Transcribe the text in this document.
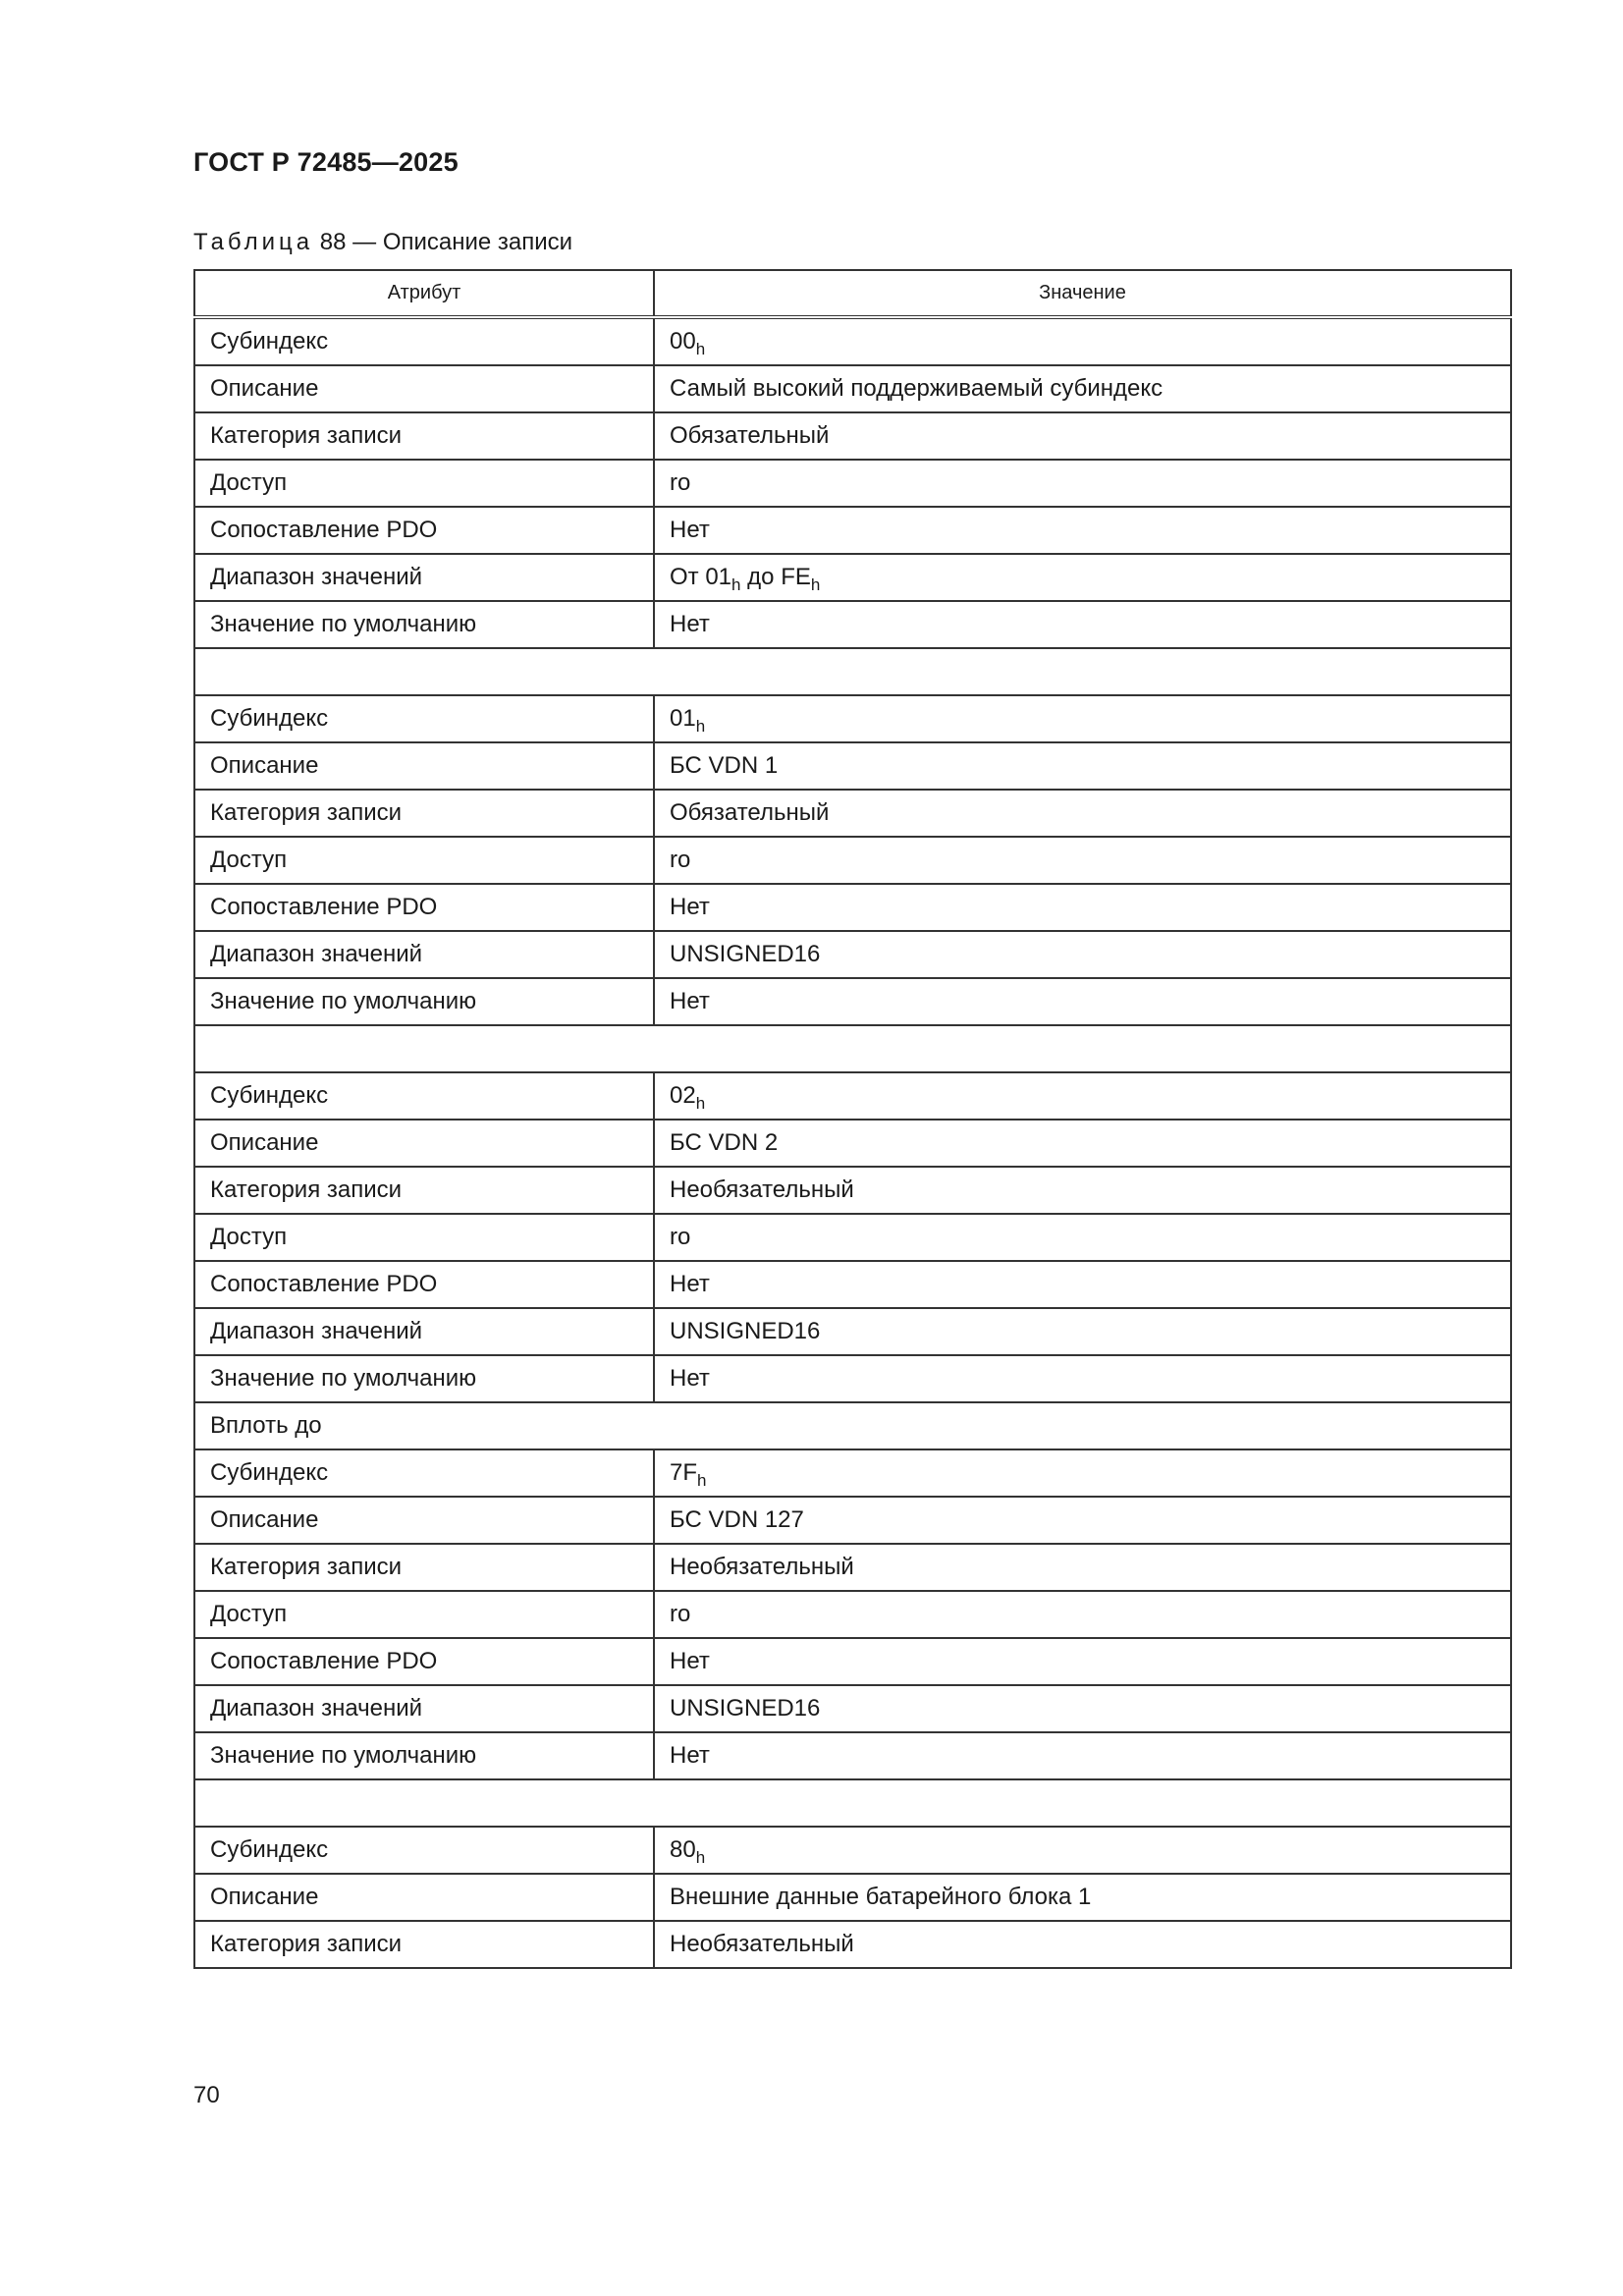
ГОСТ Р 72485—2025
Таблица 88 — Описание записи
Атрибут	Значение
Субиндекс	$00_h$
Описание	Самый высокий поддерживаемый субиндекс
Категория записи	Обязательный
Доступ	ro
Сопоставление PDO	Нет
Диапазон значений	От $01_h$ до $FE_h$
Значение по умолчанию	Нет

Субиндекс	$01_h$
Описание	БС VDN 1
Категория записи	Обязательный
Доступ	ro
Сопоставление PDO	Нет
Диапазон значений	UNSIGNED16
Значение по умолчанию	Нет

Субиндекс	$02_h$
Описание	БС VDN 2
Категория записи	Необязательный
Доступ	ro
Сопоставление PDO	Нет
Диапазон значений	UNSIGNED16
Значение по умолчанию	Нет
Вплоть до	
Субиндекс	$7F_h$
Описание	БС VDN 127
Категория записи	Необязательный
Доступ	ro
Сопоставление PDO	Нет
Диапазон значений	UNSIGNED16
Значение по умолчанию	Нет

Субиндекс	$80_h$
Описание	Внешние данные батарейного блока 1
Категория записи	Необязательный
70
